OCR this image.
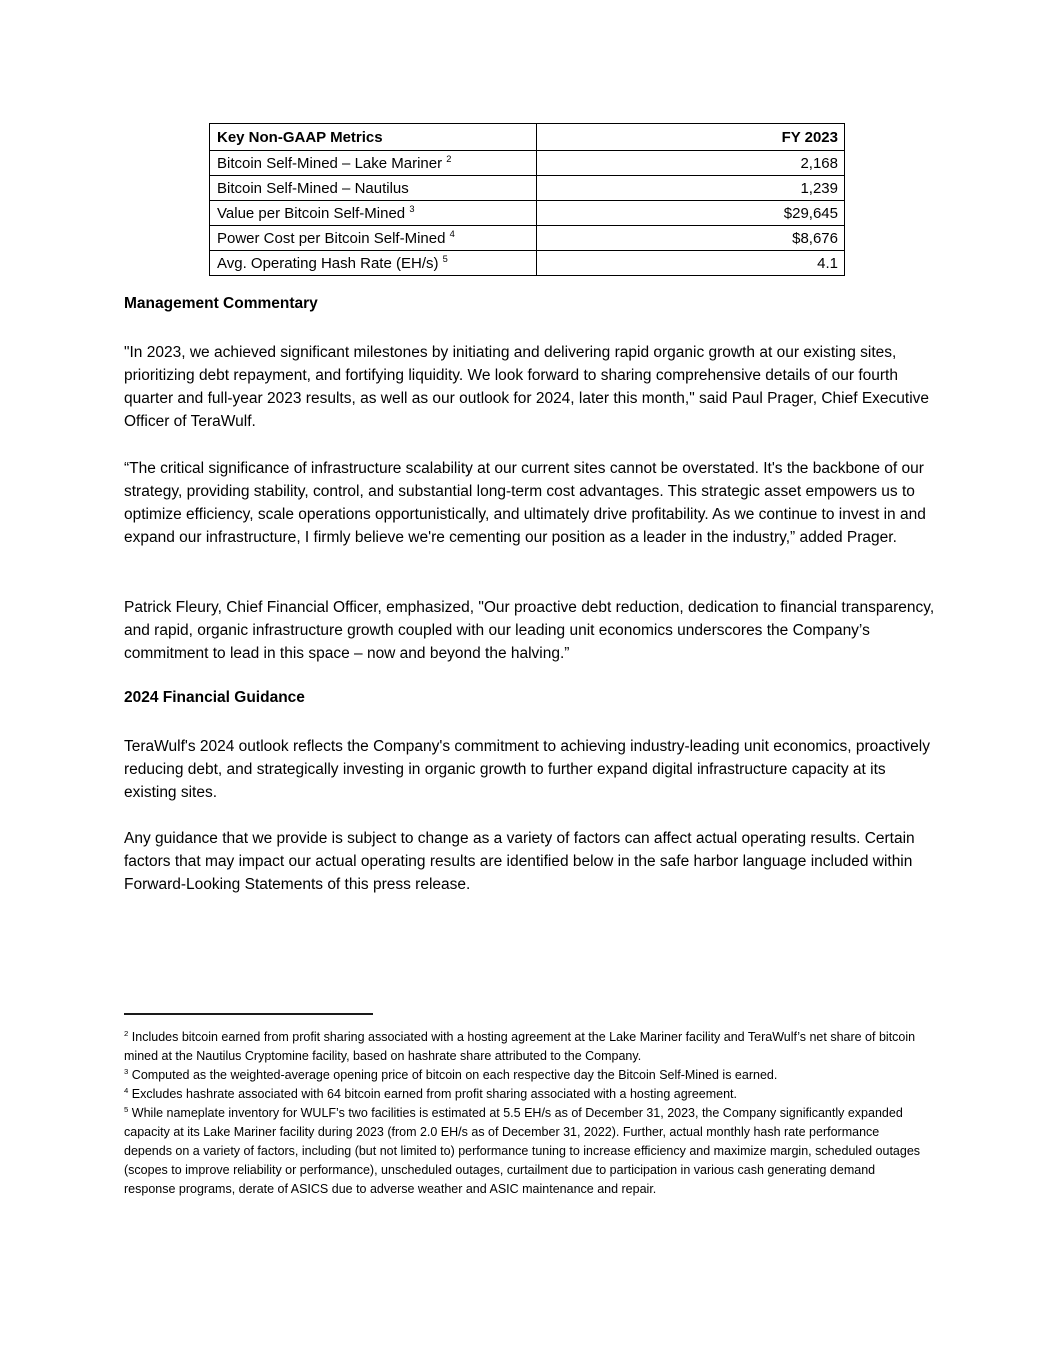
Key Non-GAAP Metrics	FY 2023
Bitcoin Self-Mined – Lake Mariner $^2$	2,168
Bitcoin Self-Mined – Nautilus	1,239
Value per Bitcoin Self-Mined $^3$	$29,645
Power Cost per Bitcoin Self-Mined $^4$	$8,676
Avg. Operating Hash Rate (EH/s) $^5$	4.1
Management Commentary

"In 2023, we achieved significant milestones by initiating and delivering rapid organic growth at our existing sites, prioritizing debt repayment, and fortifying liquidity. We look forward to sharing comprehensive details of our fourth quarter and full-year 2023 results, as well as our outlook for 2024, later this month," said Paul Prager, Chief Executive Officer of TeraWulf.

“The critical significance of infrastructure scalability at our current sites cannot be overstated. It's the backbone of our strategy, providing stability, control, and substantial long-term cost advantages. This strategic asset empowers us to optimize efficiency, scale operations opportunistically, and ultimately drive profitability. As we continue to invest in and expand our infrastructure, I firmly believe we're cementing our position as a leader in the industry,” added Prager.

Patrick Fleury, Chief Financial Officer, emphasized, "Our proactive debt reduction, dedication to financial transparency, and rapid, organic infrastructure growth coupled with our leading unit economics underscores the Company’s commitment to lead in this space – now and beyond the halving.”

2024 Financial Guidance

TeraWulf's 2024 outlook reflects the Company's commitment to achieving industry-leading unit economics, proactively reducing debt, and strategically investing in organic growth to further expand digital infrastructure capacity at its existing sites.

Any guidance that we provide is subject to change as a variety of factors can affect actual operating results. Certain factors that may impact our actual operating results are identified below in the safe harbor language included within Forward-Looking Statements of this press release.

$^2$ Includes bitcoin earned from profit sharing associated with a hosting agreement at the Lake Mariner facility and TeraWulf’s net share of bitcoin mined at the Nautilus Cryptomine facility, based on hashrate share attributed to the Company.

$^3$ Computed as the weighted-average opening price of bitcoin on each respective day the Bitcoin Self-Mined is earned.

$^4$ Excludes hashrate associated with 64 bitcoin earned from profit sharing associated with a hosting agreement.

$^5$ While nameplate inventory for WULF’s two facilities is estimated at 5.5 EH/s as of December 31, 2023, the Company significantly expanded capacity at its Lake Mariner facility during 2023 (from 2.0 EH/s as of December 31, 2022). Further, actual monthly hash rate performance depends on a variety of factors, including (but not limited to) performance tuning to increase efficiency and maximize margin, scheduled outages (scopes to improve reliability or performance), unscheduled outages, curtailment due to participation in various cash generating demand response programs, derate of ASICS due to adverse weather and ASIC maintenance and repair.
